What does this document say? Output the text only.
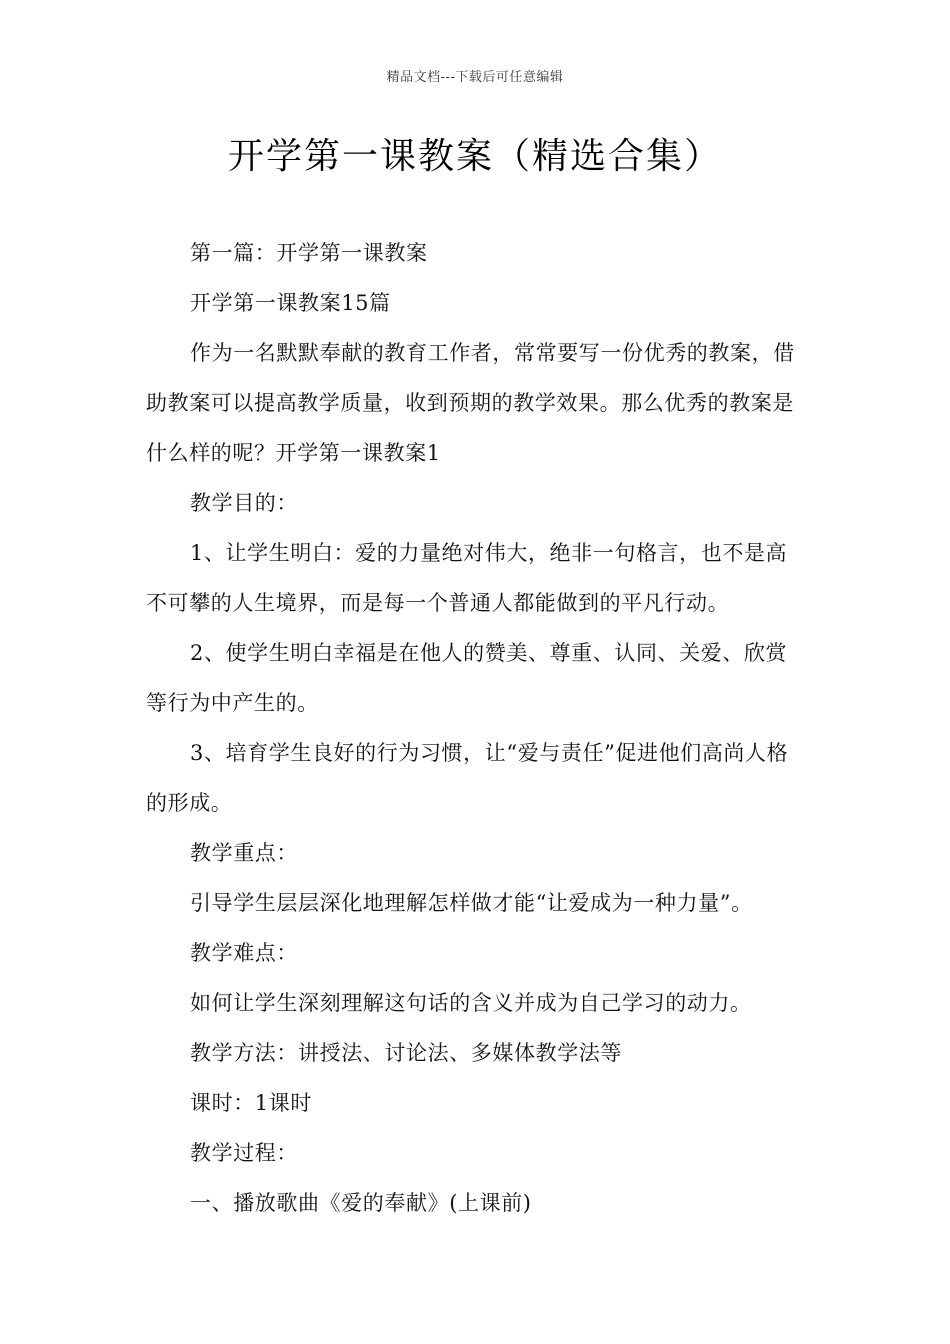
精品文档---下载后可任意编辑
开学第一课教案（精选合集）

第一篇：开学第一课教案

开学第一课教案15篇

作为一名默默奉献的教育工作者，常常要写一份优秀的教案，借助教案可以提高教学质量，收到预期的教学效果。那么优秀的教案是什么样的呢？开学第一课教案1

教学目的：

1、让学生明白：爱的力量绝对伟大，绝非一句格言，也不是高不可攀的人生境界，而是每一个普通人都能做到的平凡行动。

2、使学生明白幸福是在他人的赞美、尊重、认同、关爱、欣赏等行为中产生的。

3、培育学生良好的行为习惯，让“爱与责任”促进他们高尚人格的形成。

教学重点：

引导学生层层深化地理解怎样做才能“让爱成为一种力量”。

教学难点：

如何让学生深刻理解这句话的含义并成为自己学习的动力。

教学方法：讲授法、讨论法、多媒体教学法等

课时：1课时

教学过程：

一、播放歌曲《爱的奉献》(上课前)
